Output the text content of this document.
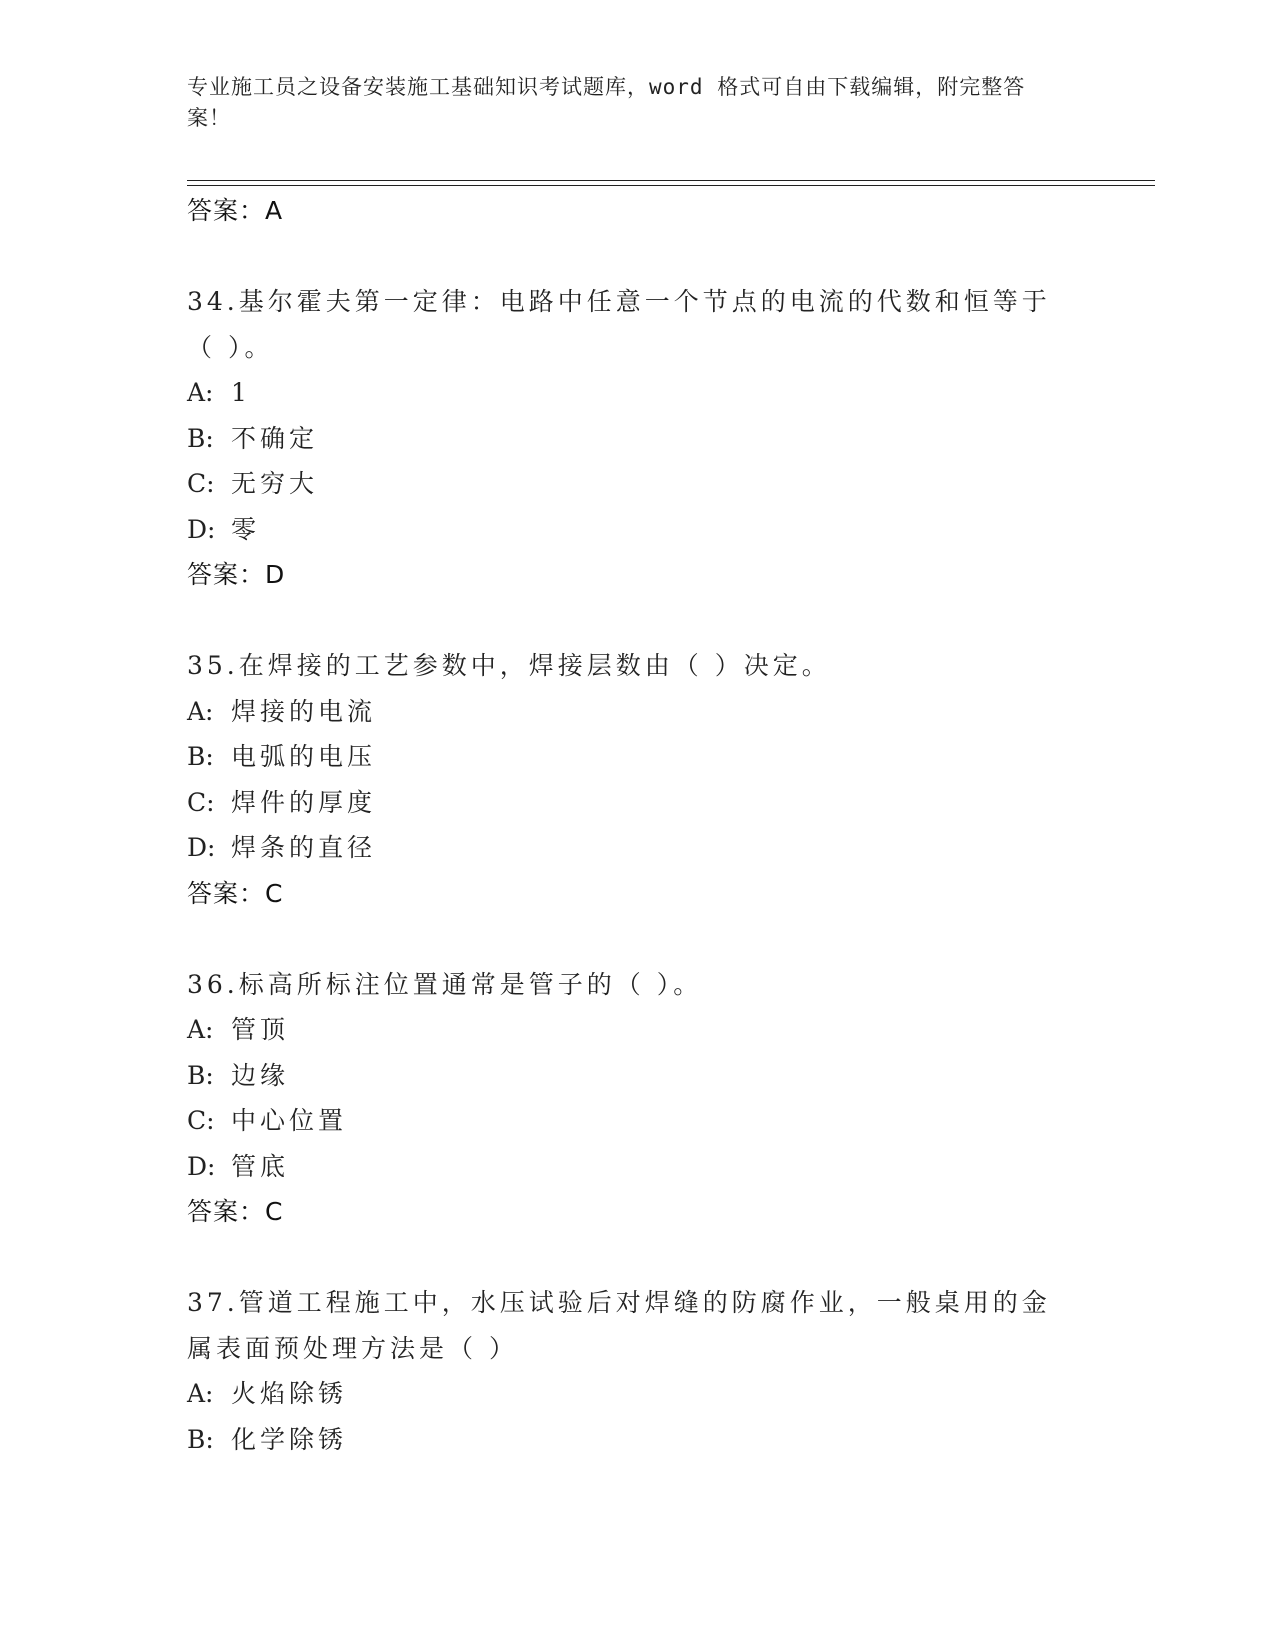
专业施工员之设备安装施工基础知识考试题库，word 格式可自由下载编辑，附完整答案！
答案：A
34.基尔霍夫第一定律：电路中任意一个节点的电流的代数和恒等于（ ）。
A: 1
B: 不确定
C: 无穷大
D: 零
答案：D
35.在焊接的工艺参数中，焊接层数由（ ）决定。
A: 焊接的电流
B: 电弧的电压
C: 焊件的厚度
D: 焊条的直径
答案：C
36.标高所标注位置通常是管子的（ ）。
A: 管顶
B: 边缘
C: 中心位置
D: 管底
答案：C
37.管道工程施工中，水压试验后对焊缝的防腐作业，一般桌用的金属表面预处理方法是（ ）
A: 火焰除锈
B: 化学除锈
